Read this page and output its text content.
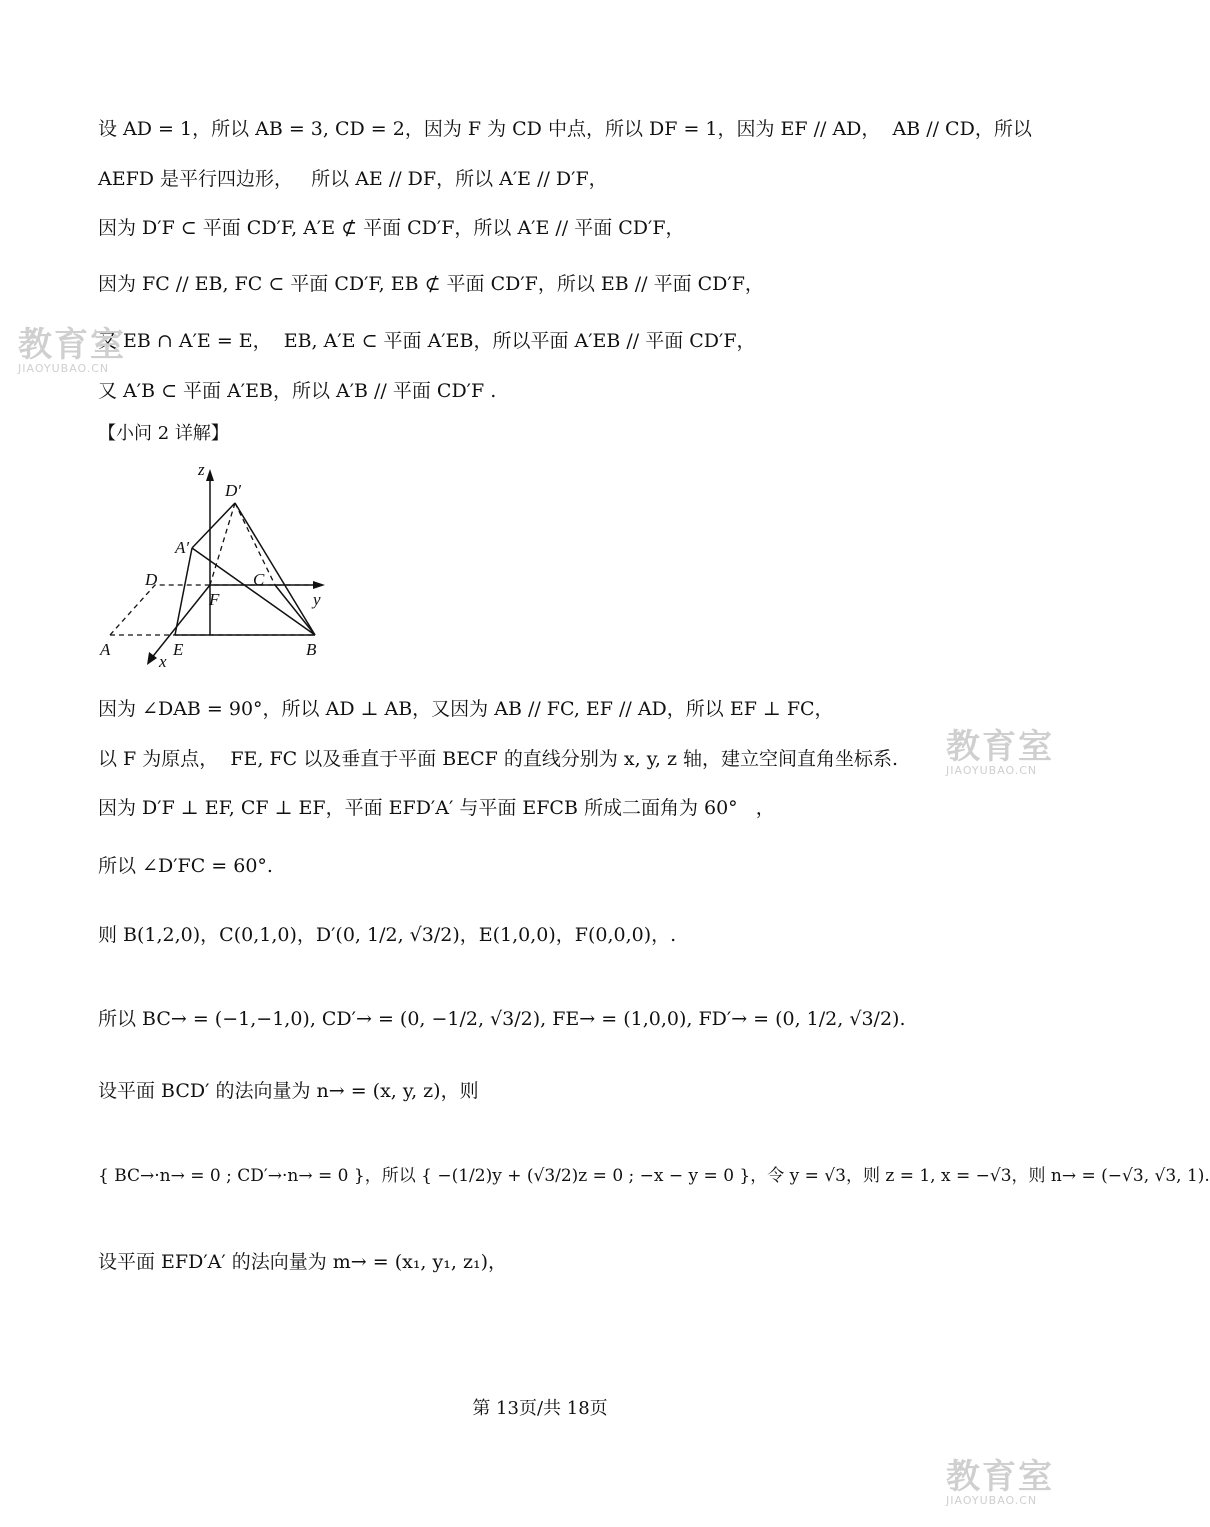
设 AD = 1，所以 AB = 3, CD = 2，因为 F 为 CD 中点，所以 DF = 1，因为 EF // AD，  AB // CD，所以
AEFD 是平行四边形，   所以 AE // DF，所以 A′E // D′F，
因为 D′F ⊂ 平面 CD′F, A′E ⊄ 平面 CD′F，所以 A′E // 平面 CD′F，
因为 FC // EB, FC ⊂ 平面 CD′F, EB ⊄ 平面 CD′F，所以 EB // 平面 CD′F，
又 EB ∩ A′E = E，  EB, A′E ⊂ 平面 A′EB，所以平面 A′EB // 平面 CD′F，
又 A′B ⊂ 平面 A′EB，所以 A′B // 平面 CD′F .
【小问 2 详解】
z
D′
A′
D	C
F	y
A	E	B
x
因为 ∠DAB = 90°，所以 AD ⊥ AB，又因为 AB // FC, EF // AD，所以 EF ⊥ FC，
以 F 为原点，  FE, FC 以及垂直于平面 BECF 的直线分别为 x, y, z 轴，建立空间直角坐标系.
因为 D′F ⊥ EF, CF ⊥ EF，平面 EFD′A′ 与平面 EFCB 所成二面角为 60°   ，
所以 ∠D′FC = 60°.
则 B(1,2,0)，C(0,1,0)，D′(0, 1/2, √3/2)，E(1,0,0)，F(0,0,0)，.
所以 BC→ = (−1,−1,0), CD′→ = (0, −1/2, √3/2), FE→ = (1,0,0), FD′→ = (0, 1/2, √3/2).
设平面 BCD′ 的法向量为 n→ = (x, y, z)，则
{ BC→·n→ = 0 ; CD′→·n→ = 0 }，所以 { −(1/2)y + (√3/2)z = 0 ; −x − y = 0 }，令 y = √3，则 z = 1, x = −√3，则 n→ = (−√3, √3, 1).
设平面 EFD′A′ 的法向量为 m→ = (x₁, y₁, z₁)，
第 13页/共 18页
教育室
JIAOYUBAO.CN
教育室
JIAOYUBAO.CN
教育室
JIAOYUBAO.CN
